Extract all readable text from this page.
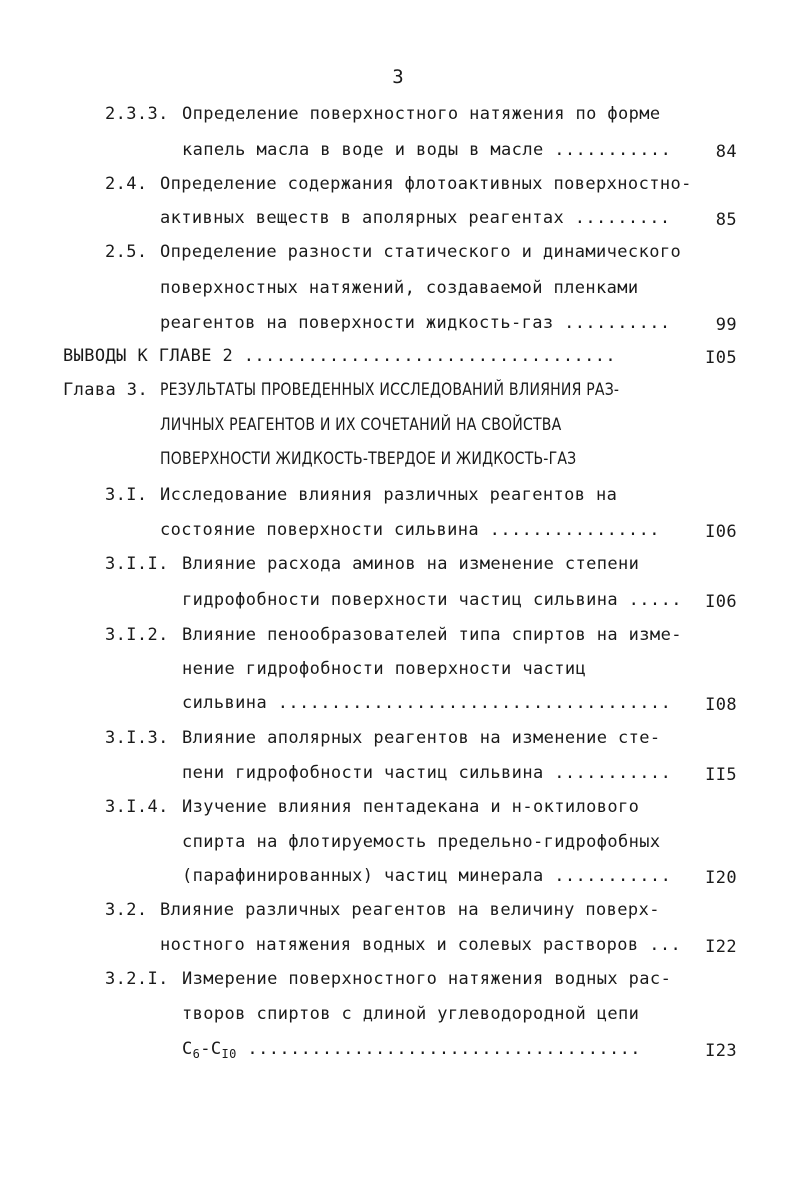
3
2.3.3. Определение поверхностного натяжения по форме
капель масла в воде и воды в масле ...........	84
2.4. Определение содержания флотоактивных поверхностно-
активных веществ в аполярных реагентах .........	85
2.5. Определение разности статического и динамического
поверхностных натяжений, создаваемой пленками
реагентов на поверхности жидкость-газ ..........	99
ВЫВОДЫ К ГЛАВЕ 2 ...................................	I05
Глава 3. РЕЗУЛЬТАТЫ ПРОВЕДЕННЫХ ИССЛЕДОВАНИЙ ВЛИЯНИЯ РАЗ-
ЛИЧНЫХ РЕАГЕНТОВ И ИХ СОЧЕТАНИЙ НА СВОЙСТВА
ПОВЕРХНОСТИ ЖИДКОСТЬ-ТВЕРДОЕ И ЖИДКОСТЬ-ГАЗ
3.I. Исследование влияния различных реагентов на
состояние поверхности сильвина ................	I06
3.I.I. Влияние расхода аминов на изменение степени
гидрофобности поверхности частиц сильвина ..... I06
3.I.2. Влияние пенообразователей типа спиртов на изме-
нение гидрофобности поверхности частиц
сильвина ..................................... I08
3.I.3. Влияние аполярных реагентов на изменение сте-
пени гидрофобности частиц сильвина ........... II5
3.I.4. Изучение влияния пентадекана и н-октилового
спирта на флотируемость предельно-гидрофобных
(парафинированных) частиц минерала ........... I20
3.2. Влияние различных реагентов на величину поверх-
ностного натяжения водных и солевых растворов ... I22
3.2.I. Измерение поверхностного натяжения водных рас-
творов спиртов с длиной углеводородной цепи
$C_6-C_{I0}$ .....................................	I23
